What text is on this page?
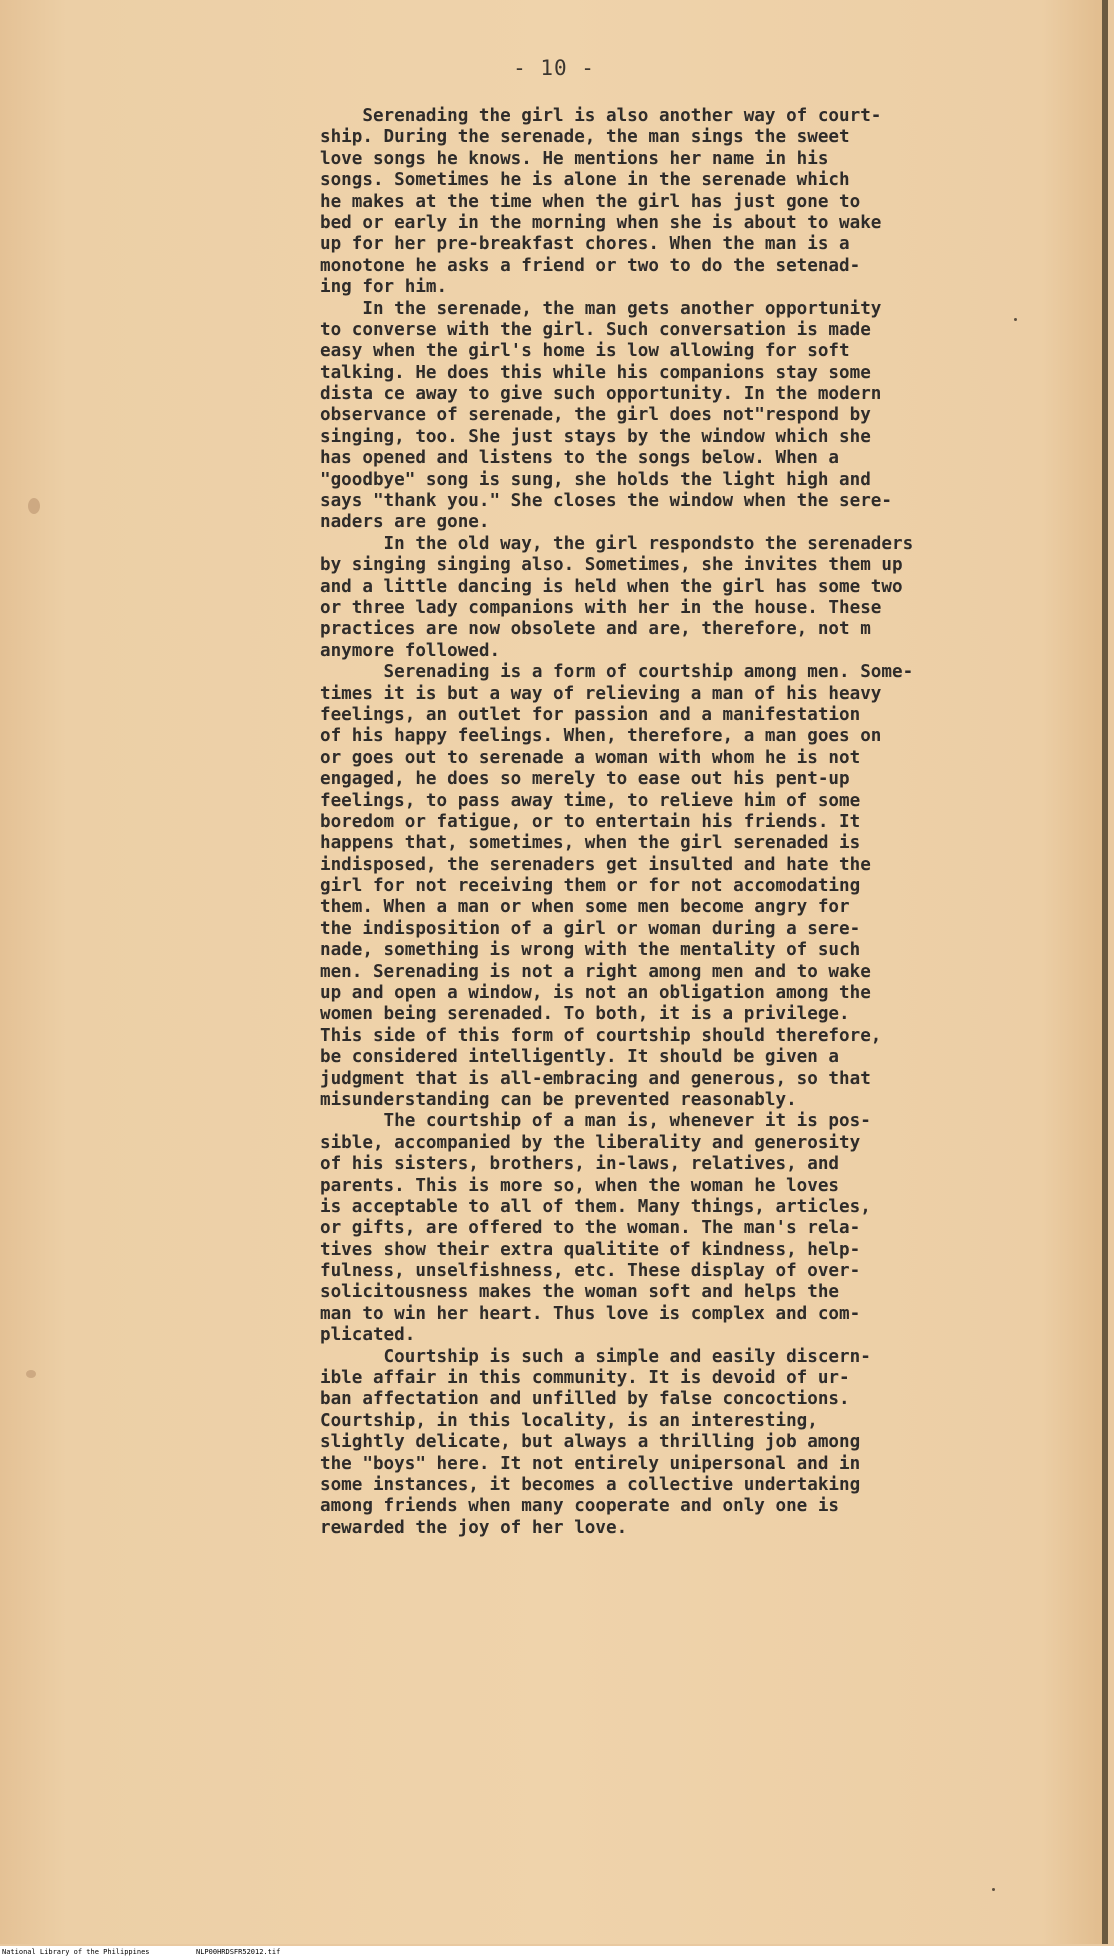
- 10 -
Serenading the girl is also another way of court-
ship. During the serenade, the man sings the sweet
love songs he knows. He mentions her name in his
songs. Sometimes he is alone in the serenade which
he makes at the time when the girl has just gone to
bed or early in the morning when she is about to wake
up for her pre-breakfast chores. When the man is a
monotone he asks a friend or two to do the setenad-
ing for him.
In the serenade, the man gets another opportunity
to converse with the girl. Such conversation is made
easy when the girl's home is low allowing for soft
talking. He does this while his companions stay some
dista ce away to give such opportunity. In the modern
observance of serenade, the girl does not"respond by
singing, too. She just stays by the window which she
has opened and listens to the songs below. When a
"goodbye" song is sung, she holds the light high and
says "thank you." She closes the window when the sere-
naders are gone.
In the old way, the girl respondsto the serenaders
by singing singing also. Sometimes, she invites them up
and a little dancing is held when the girl has some two
or three lady companions with her in the house. These
practices are now obsolete and are, therefore, not m
anymore followed.
Serenading is a form of courtship among men. Some-
times it is but a way of relieving a man of his heavy
feelings, an outlet for passion and a manifestation
of his happy feelings. When, therefore, a man goes on
or goes out to serenade a woman with whom he is not
engaged, he does so merely to ease out his pent-up
feelings, to pass away time, to relieve him of some
boredom or fatigue, or to entertain his friends. It
happens that, sometimes, when the girl serenaded is
indisposed, the serenaders get insulted and hate the
girl for not receiving them or for not accomodating
them. When a man or when some men become angry for
the indisposition of a girl or woman during a sere-
nade, something is wrong with the mentality of such
men. Serenading is not a right among men and to wake
up and open a window, is not an obligation among the
women being serenaded. To both, it is a privilege.
This side of this form of courtship should therefore,
be considered intelligently. It should be given a
judgment that is all-embracing and generous, so that
misunderstanding can be prevented reasonably.
The courtship of a man is, whenever it is pos-
sible, accompanied by the liberality and generosity
of his sisters, brothers, in-laws, relatives, and
parents. This is more so, when the woman he loves
is acceptable to all of them. Many things, articles,
or gifts, are offered to the woman. The man's rela-
tives show their extra qualitite of kindness, help-
fulness, unselfishness, etc. These display of over-
solicitousness makes the woman soft and helps the
man to win her heart. Thus love is complex and com-
plicated.
Courtship is such a simple and easily discern-
ible affair in this community. It is devoid of ur-
ban affectation and unfilled by false concoctions.
Courtship, in this locality, is an interesting,
slightly delicate, but always a thrilling job among
the "boys" here. It not entirely unipersonal and in
some instances, it becomes a collective undertaking
among friends when many cooperate and only one is
rewarded the joy of her love.
National Library of the Philippines	NLP00HRDSFR52012.tif
